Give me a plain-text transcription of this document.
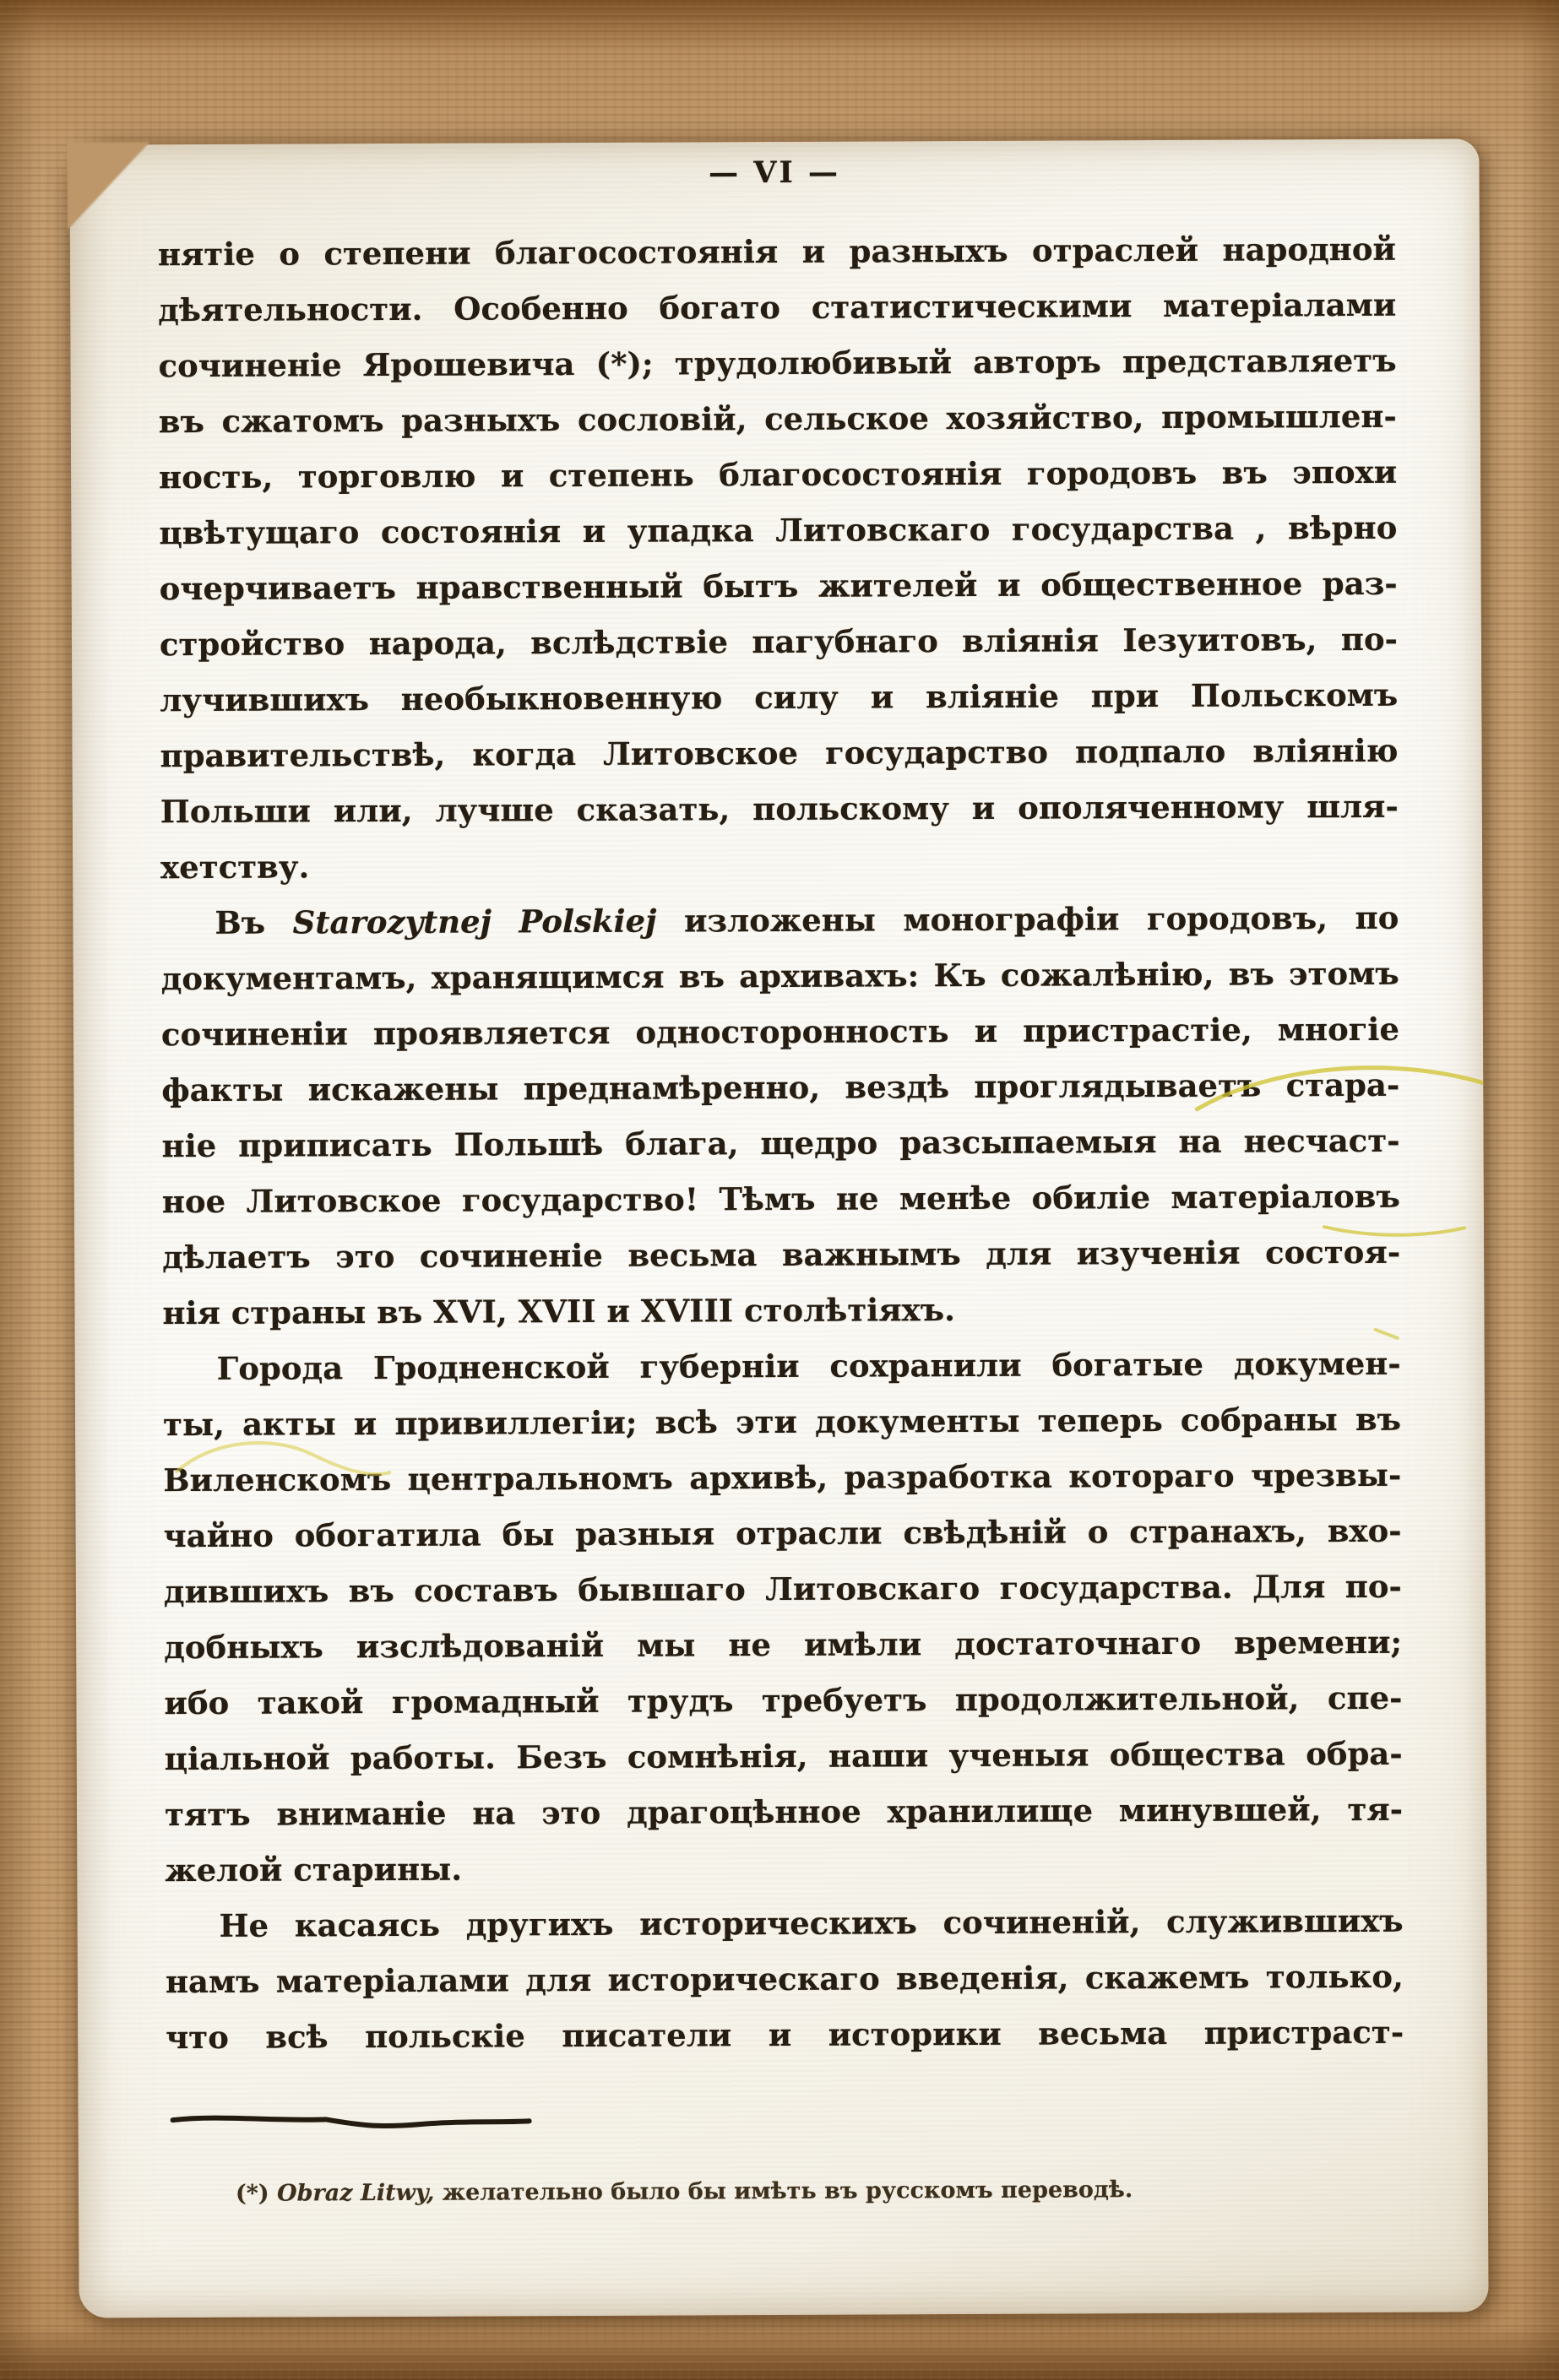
— VI —
нятіе о степени благосостоянія и разныхъ отраслей народной
дѣятельности. Особенно богато статистическими матеріалами
сочиненіе Ярошевича (*); трудолюбивый авторъ представляетъ
въ сжатомъ разныхъ сословій, сельское хозяйство, промышлен-
ность, торговлю и степень благосостоянія городовъ въ эпохи
цвѣтущаго состоянія и упадка Литовскаго государства , вѣрно
очерчиваетъ нравственный бытъ жителей и общественное раз-
стройство народа, вслѣдствіе пагубнаго вліянія Іезуитовъ, по-
лучившихъ необыкновенную силу и вліяніе при Польскомъ
правительствѣ, когда Литовское государство подпало вліянію
Польши или, лучше сказать, польскому и ополяченному шля-
хетству.
Въ Starozytnej Polskiej изложены монографіи городовъ, по
документамъ, хранящимся въ архивахъ: Къ сожалѣнію, въ этомъ
сочиненіи проявляется односторонность и пристрастіе, многіе
факты искажены преднамѣренно, вездѣ проглядываетъ стара-
ніе приписать Польшѣ блага, щедро разсыпаемыя на несчаст-
ное Литовское государство! Тѣмъ не менѣе обиліе матеріаловъ
дѣлаетъ это сочиненіе весьма важнымъ для изученія состоя-
нія страны въ XVI, XVII и XVIII столѣтіяхъ.
Города Гродненской губерніи сохранили богатые докумен-
ты, акты и привиллегіи; всѣ эти документы теперь собраны въ
Виленскомъ центральномъ архивѣ, разработка котораго чрезвы-
чайно обогатила бы разныя отрасли свѣдѣній о странахъ, вхо-
дившихъ въ составъ бывшаго Литовскаго государства. Для по-
добныхъ изслѣдованій мы не имѣли достаточнаго времени;
ибо такой громадный трудъ требуетъ продолжительной, спе-
ціальной работы. Безъ сомнѣнія, наши ученыя общества обра-
тятъ вниманіе на это драгоцѣнное хранилище минувшей, тя-
желой старины.
Не касаясь другихъ историческихъ сочиненій, служившихъ
намъ матеріалами для историческаго введенія, скажемъ только,
что всѣ польскіе писатели и историки весьма пристраст-
(*) Obraz Litwy, желательно было бы имѣть въ русскомъ переводѣ.
